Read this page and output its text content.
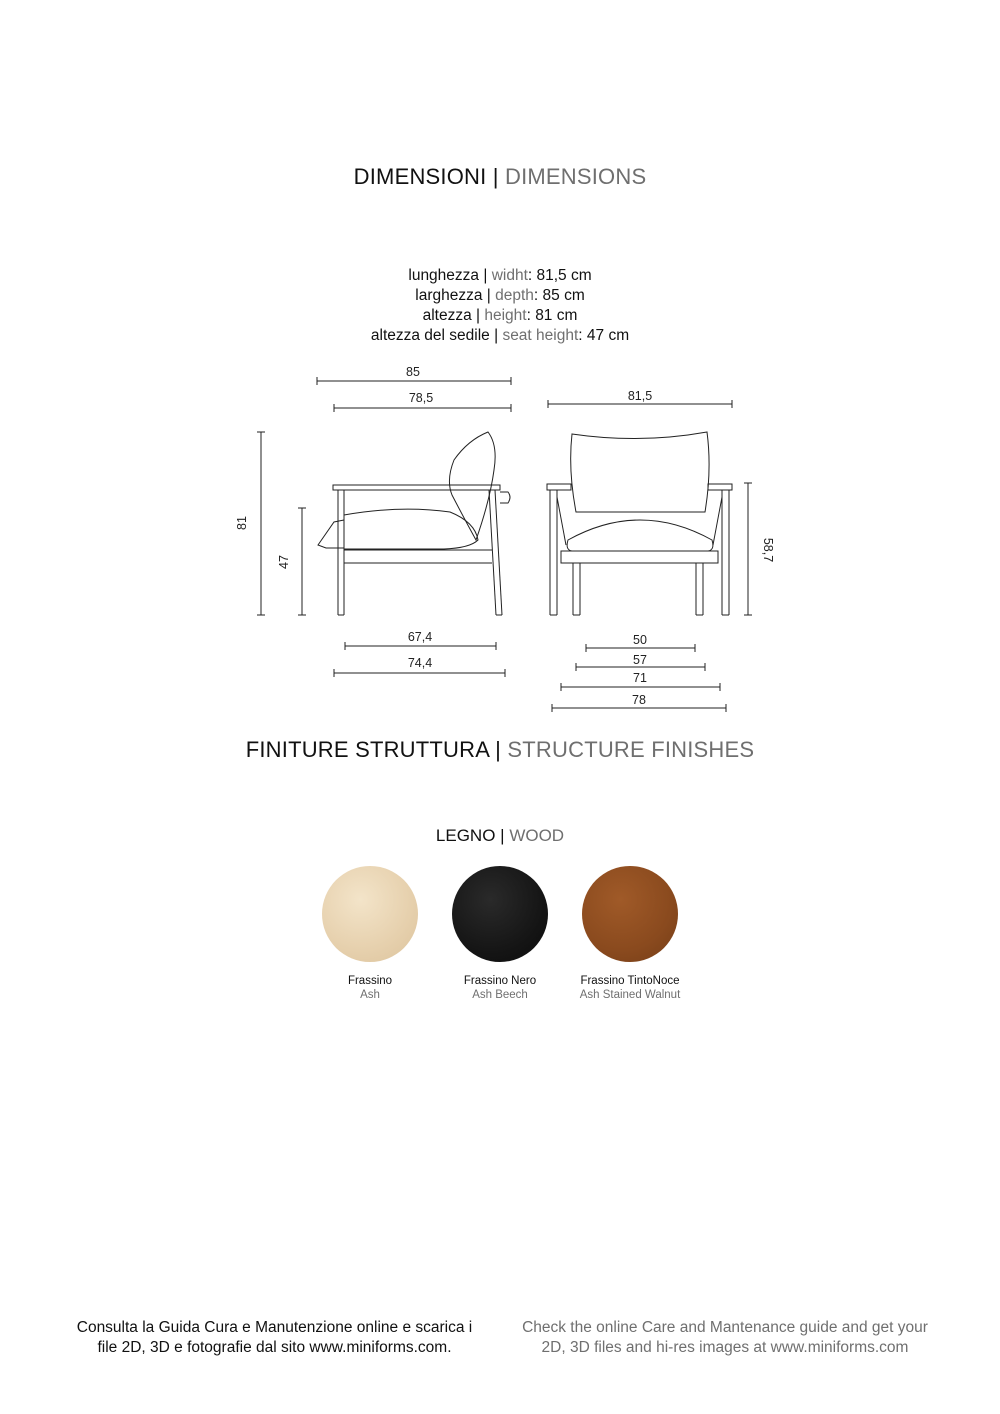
DIMENSIONI | DIMENSIONS
lunghezza | widht: 81,5 cm
larghezza | depth: 85 cm
altezza | height: 81 cm
altezza del sedile | seat height: 47 cm
85
78,5
81
47
67,4
74,4
81,5
58,7
50
57
71
78
FINITURE STRUTTURA | STRUCTURE FINISHES
LEGNO | WOOD
Frassino
Ash
Frassino Nero
Ash Beech
Frassino TintoNoce
Ash Stained Walnut
Consulta la Guida Cura e Manutenzione online e scarica i
file 2D, 3D e fotografie dal sito www.miniforms.com.
Check the online Care and Mantenance guide and get your
2D, 3D files and hi-res images at www.miniforms.com
